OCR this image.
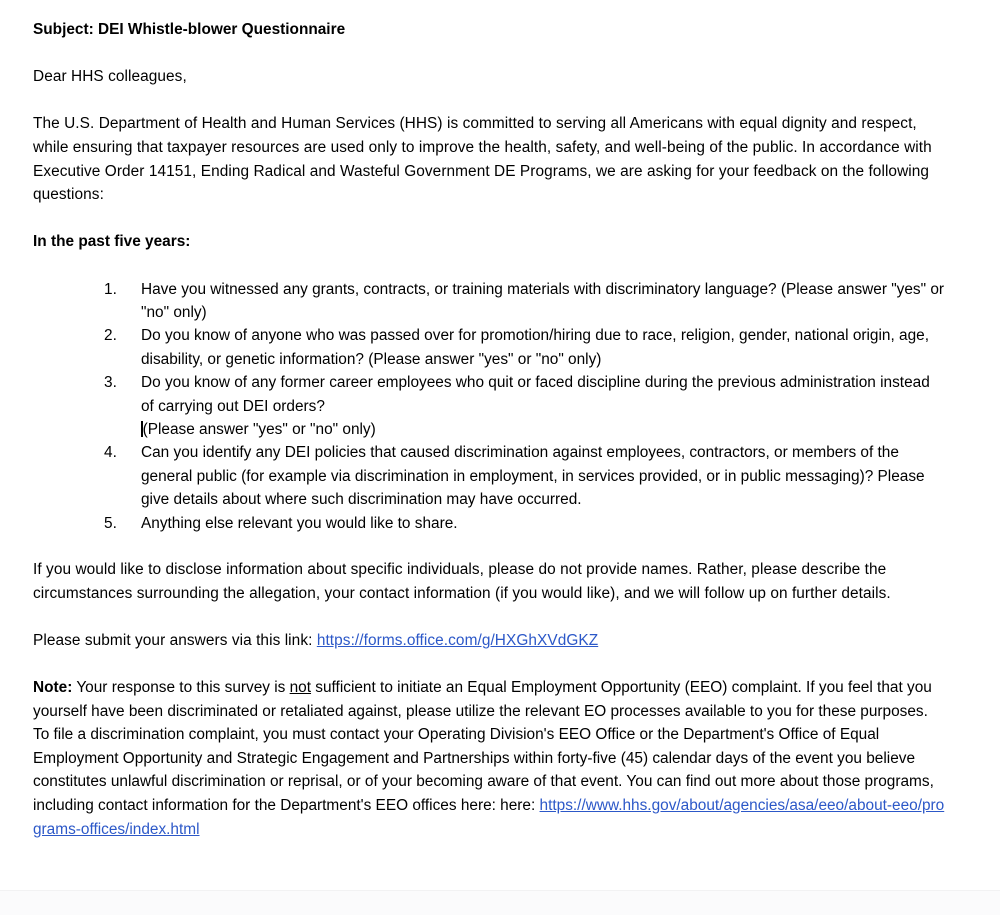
Subject: DEI Whistle-blower Questionnaire

Dear HHS colleagues,

The U.S. Department of Health and Human Services (HHS) is committed to serving all Americans with equal dignity and respect, while ensuring that taxpayer resources are used only to improve the health, safety, and well-being of the public. In accordance with Executive Order 14151, Ending Radical and Wasteful Government DE Programs, we are asking for your feedback on the following questions:

In the past five years:
Have you witnessed any grants, contracts, or training materials with discriminatory language? (Please answer "yes" or "no" only)
Do you know of anyone who was passed over for promotion/hiring due to race, religion, gender, national origin, age, disability, or genetic information? (Please answer "yes" or "no" only)
Do you know of any former career employees who quit or faced discipline during the previous administration instead of carrying out DEI orders?
(Please answer "yes" or "no" only)
Can you identify any DEI policies that caused discrimination against employees, contractors, or members of the general public (for example via discrimination in employment, in services provided, or in public messaging)? Please give details about where such discrimination may have occurred.
Anything else relevant you would like to share.

If you would like to disclose information about specific individuals, please do not provide names. Rather, please describe the circumstances surrounding the allegation, your contact information (if you would like), and we will follow up on further details.

Please submit your answers via this link: https://forms.office.com/g/HXGhXVdGKZ

Note: Your response to this survey is not sufficient to initiate an Equal Employment Opportunity (EEO) complaint. If you feel that you yourself have been discriminated or retaliated against, please utilize the relevant EO processes available to you for these purposes. To file a discrimination complaint, you must contact your Operating Division's EEO Office or the Department's Office of Equal Employment Opportunity and Strategic Engagement and Partnerships within forty-five (45) calendar days of the event you believe constitutes unlawful discrimination or reprisal, or of your becoming aware of that event. You can find out more about those programs, including contact information for the Department's EEO offices here: here: https://www.hhs.gov/about/agencies/asa/eeo/about-eeo/programs-offices/index.html
